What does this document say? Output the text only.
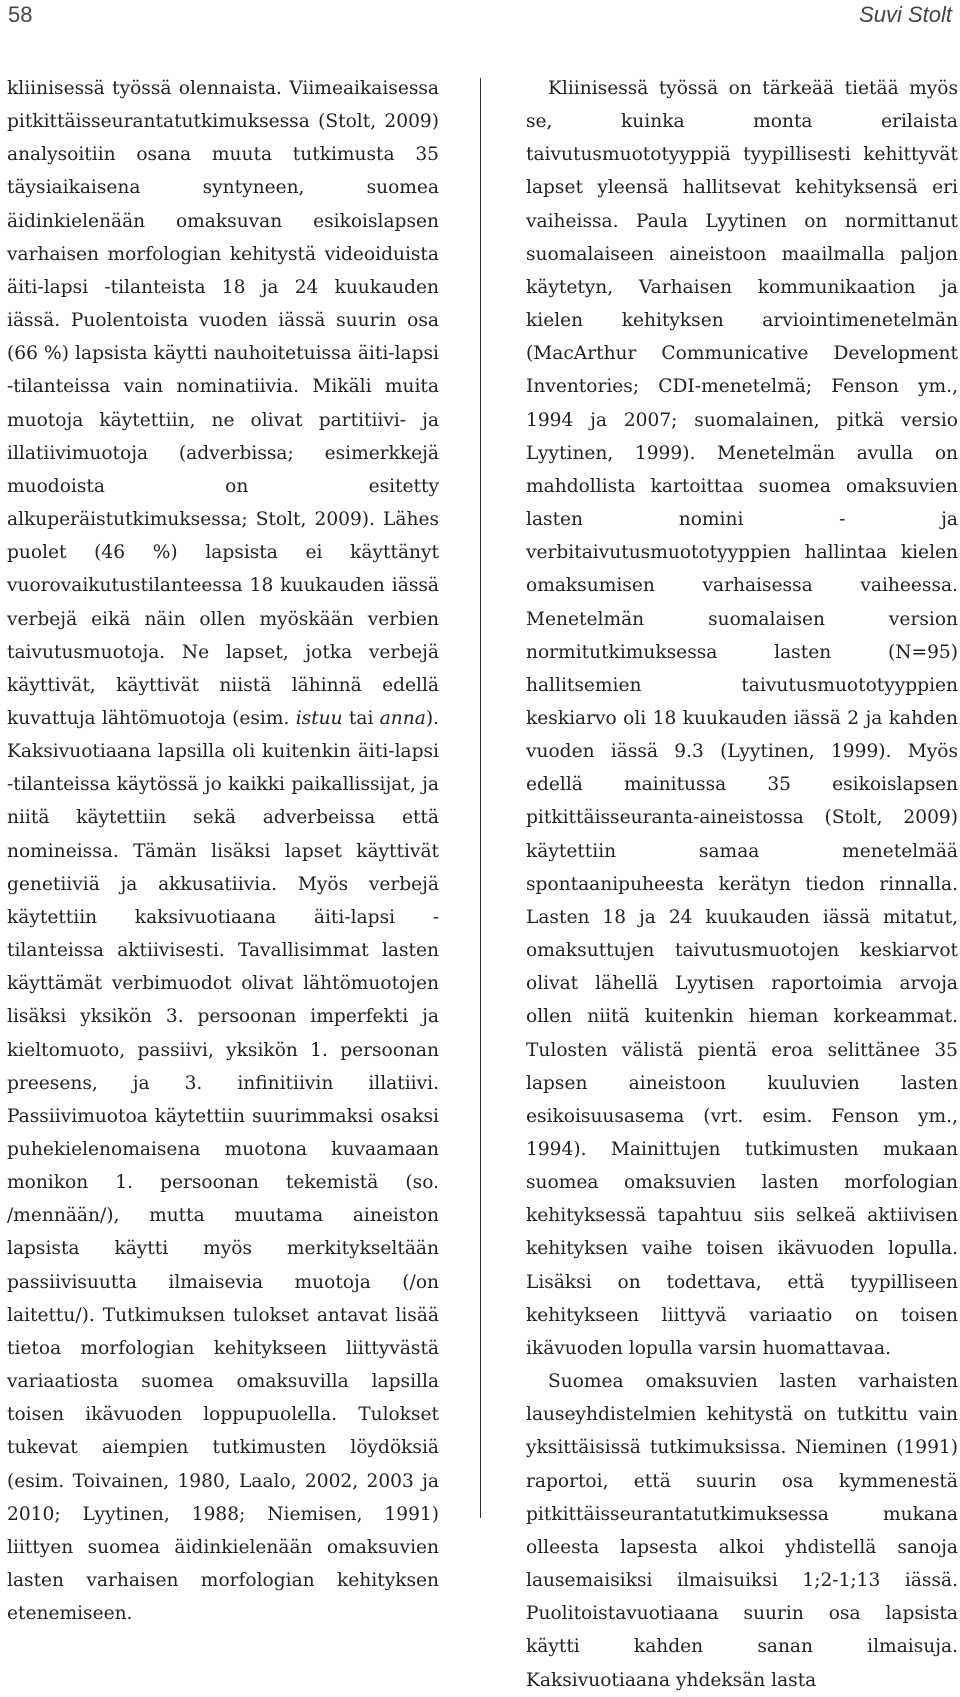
58	Suvi Stolt

kliinisessä työssä olennaista. Viimeaikaisessa pitkittäisseurantatutkimuksessa (Stolt, 2009) analysoitiin osana muuta tutkimusta 35 täysiaikaisena syntyneen, suomea äidinkielenään omaksuvan esikoislapsen varhaisen morfologian kehitystä videoiduista äiti-lapsi -tilanteista 18 ja 24 kuukauden iässä. Puolentoista vuoden iässä suurin osa (66 %) lapsista käytti nauhoitetuissa äiti-lapsi -tilanteissa vain nominatiivia. Mikäli muita muotoja käytettiin, ne olivat partitiivi- ja illatiivimuotoja (adverbissa; esimerkkejä muodoista on esitetty alkuperäistutkimuksessa; Stolt, 2009). Lähes puolet (46 %) lapsista ei käyttänyt vuorovaikutustilanteessa 18 kuukauden iässä verbejä eikä näin ollen myöskään verbien taivutusmuotoja. Ne lapset, jotka verbejä käyttivät, käyttivät niistä lähinnä edellä kuvattuja lähtömuotoja (esim. istuu tai anna). Kaksivuotiaana lapsilla oli kuitenkin äiti-lapsi -tilanteissa käytössä jo kaikki paikallissijat, ja niitä käytettiin sekä adverbeissa että nomineissa. Tämän lisäksi lapset käyttivät genetiiviä ja akkusatiivia. Myös verbejä käytettiin kaksivuotiaana äiti-lapsi -tilanteissa aktiivisesti. Tavallisimmat lasten käyttämät verbimuodot olivat lähtömuotojen lisäksi yksikön 3. persoonan imperfekti ja kieltomuoto, passiivi, yksikön 1. persoonan preesens, ja 3. infinitiivin illatiivi. Passiivimuotoa käytettiin suurimmaksi osaksi puhekielenomaisena muotona kuvaamaan monikon 1. persoonan tekemistä (so. /mennään/), mutta muutama aineiston lapsista käytti myös merkitykseltään passiivisuutta ilmaisevia muotoja (/on laitettu/). Tutkimuksen tulokset antavat lisää tietoa morfologian kehitykseen liittyvästä variaatiosta suomea omaksuvilla lapsilla toisen ikävuoden loppupuolella. Tulokset tukevat aiempien tutkimusten löydöksiä (esim. Toivainen, 1980, Laalo, 2002, 2003 ja 2010; Lyytinen, 1988; Niemisen, 1991) liittyen suomea äidinkielenään omaksuvien lasten varhaisen morfologian kehityksen etenemiseen.

Kliinisessä työssä on tärkeää tietää myös se, kuinka monta erilaista taivutusmuototyyppiä tyypillisesti kehittyvät lapset yleensä hallitsevat kehityksensä eri vaiheissa. Paula Lyytinen on normittanut suomalaiseen aineistoon maailmalla paljon käytetyn, Varhaisen kommunikaation ja kielen kehityksen arviointimenetelmän (MacArthur Communicative Development Inventories; CDI-menetelmä; Fenson ym., 1994 ja 2007; suomalainen, pitkä versio Lyytinen, 1999). Menetelmän avulla on mahdollista kartoittaa suomea omaksuvien lasten nomini - ja verbitaivutusmuototyyppien hallintaa kielen omaksumisen varhaisessa vaiheessa. Menetelmän suomalaisen version normitutkimuksessa lasten (N=95) hallitsemien taivutusmuototyyppien keskiarvo oli 18 kuukauden iässä 2 ja kahden vuoden iässä 9.3 (Lyytinen, 1999). Myös edellä mainitussa 35 esikoislapsen pitkittäisseuranta-aineistossa (Stolt, 2009) käytettiin samaa menetelmää spontaanipuheesta kerätyn tiedon rinnalla. Lasten 18 ja 24 kuukauden iässä mitatut, omaksuttujen taivutusmuotojen keskiarvot olivat lähellä Lyytisen raportoimia arvoja ollen niitä kuitenkin hieman korkeammat. Tulosten välistä pientä eroa selittänee 35 lapsen aineistoon kuuluvien lasten esikoisuusasema (vrt. esim. Fenson ym., 1994). Mainittujen tutkimusten mukaan suomea omaksuvien lasten morfologian kehityksessä tapahtuu siis selkeä aktiivisen kehityksen vaihe toisen ikävuoden lopulla. Lisäksi on todettava, että tyypilliseen kehitykseen liittyvä variaatio on toisen ikävuoden lopulla varsin huomattavaa.

Suomea omaksuvien lasten varhaisten lauseyhdistelmien kehitystä on tutkittu vain yksittäisissä tutkimuksissa. Nieminen (1991) raportoi, että suurin osa kymmenestä pitkittäisseurantatutkimuksessa mukana olleesta lapsesta alkoi yhdistellä sanoja lausemaisiksi ilmaisuiksi 1;2-1;13 iässä. Puolitoistavuotiaana suurin osa lapsista käytti kahden sanan ilmaisuja. Kaksivuotiaana yhdeksän lasta
